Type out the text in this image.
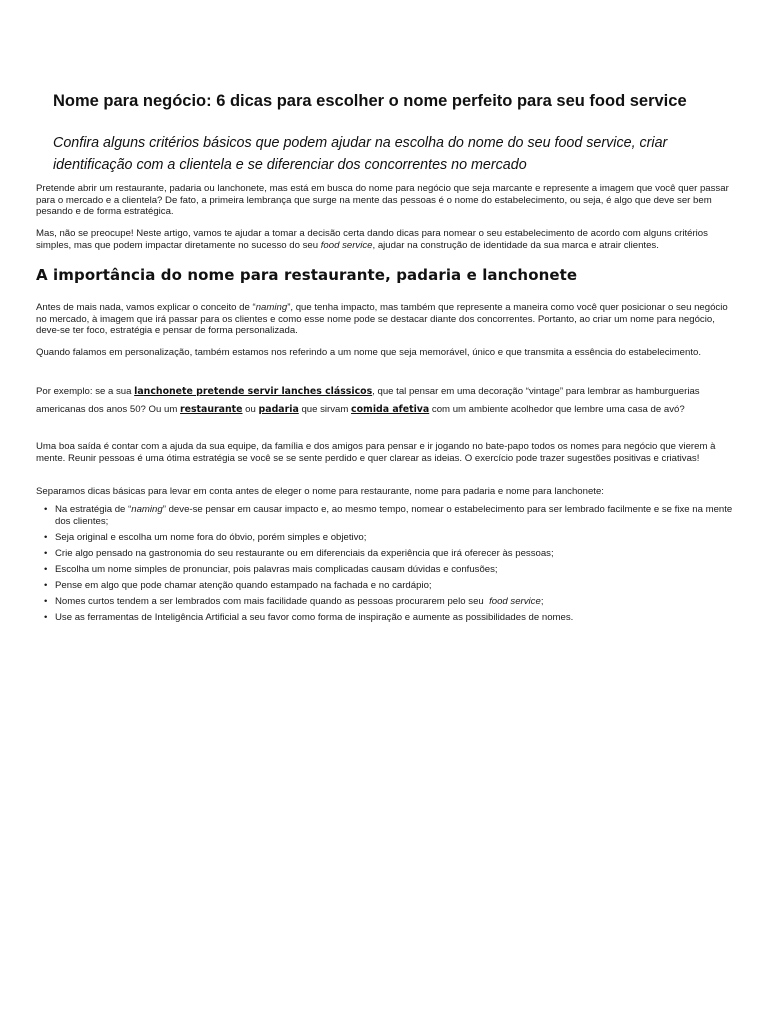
Nome para negócio: 6 dicas para escolher o nome perfeito para seu food service

Confira alguns critérios básicos que podem ajudar na escolha do nome do seu food service, criar identificação com a clientela e se diferenciar dos concorrentes no mercado

Pretende abrir um restaurante, padaria ou lanchonete, mas está em busca do nome para negócio que seja marcante e represente a imagem que você quer passar para o mercado e a clientela? De fato, a primeira lembrança que surge na mente das pessoas é o nome do estabelecimento, ou seja, é algo que deve ser bem pesando e de forma estratégica.

Mas, não se preocupe! Neste artigo, vamos te ajudar a tomar a decisão certa dando dicas para nomear o seu estabelecimento de acordo com alguns critérios simples, mas que podem impactar diretamente no sucesso do seu food service, ajudar na construção de identidade da sua marca e atrair clientes.

A importância do nome para restaurante, padaria e lanchonete

Antes de mais nada, vamos explicar o conceito de “naming”, que tenha impacto, mas também que represente a maneira como você quer posicionar o seu negócio no mercado, à imagem que irá passar para os clientes e como esse nome pode se destacar diante dos concorrentes. Portanto, ao criar um nome para negócio, deve-se ter foco, estratégia e pensar de forma personalizada.

Quando falamos em personalização, também estamos nos referindo a um nome que seja memorável, único e que transmita a essência do estabelecimento.

Por exemplo: se a sua lanchonete pretende servir lanches clássicos, que tal pensar em uma decoração “vintage” para lembrar as hamburguerias americanas dos anos 50? Ou um restaurante ou padaria que sirvam comida afetiva com um ambiente acolhedor que lembre uma casa de avó?

Uma boa saída é contar com a ajuda da sua equipe, da família e dos amigos para pensar e ir jogando no bate-papo todos os nomes para negócio que vierem à mente. Reunir pessoas é uma ótima estratégia se você se se sente perdido e quer clarear as ideias. O exercício pode trazer sugestões positivas e criativas!

Separamos dicas básicas para levar em conta antes de eleger o nome para restaurante, nome para padaria e nome para lanchonete:

• Na estratégia de “naming” deve-se pensar em causar impacto e, ao mesmo tempo, nomear o estabelecimento para ser lembrado facilmente e se fixe na mente dos clientes;
• Seja original e escolha um nome fora do óbvio, porém simples e objetivo;
• Crie algo pensado na gastronomia do seu restaurante ou em diferenciais da experiência que irá oferecer às pessoas;
• Escolha um nome simples de pronunciar, pois palavras mais complicadas causam dúvidas e confusões;
• Pense em algo que pode chamar atenção quando estampado na fachada e no cardápio;
• Nomes curtos tendem a ser lembrados com mais facilidade quando as pessoas procurarem pelo seu  food service;
• Use as ferramentas de Inteligência Artificial a seu favor como forma de inspiração e aumente as possibilidades de nomes.
